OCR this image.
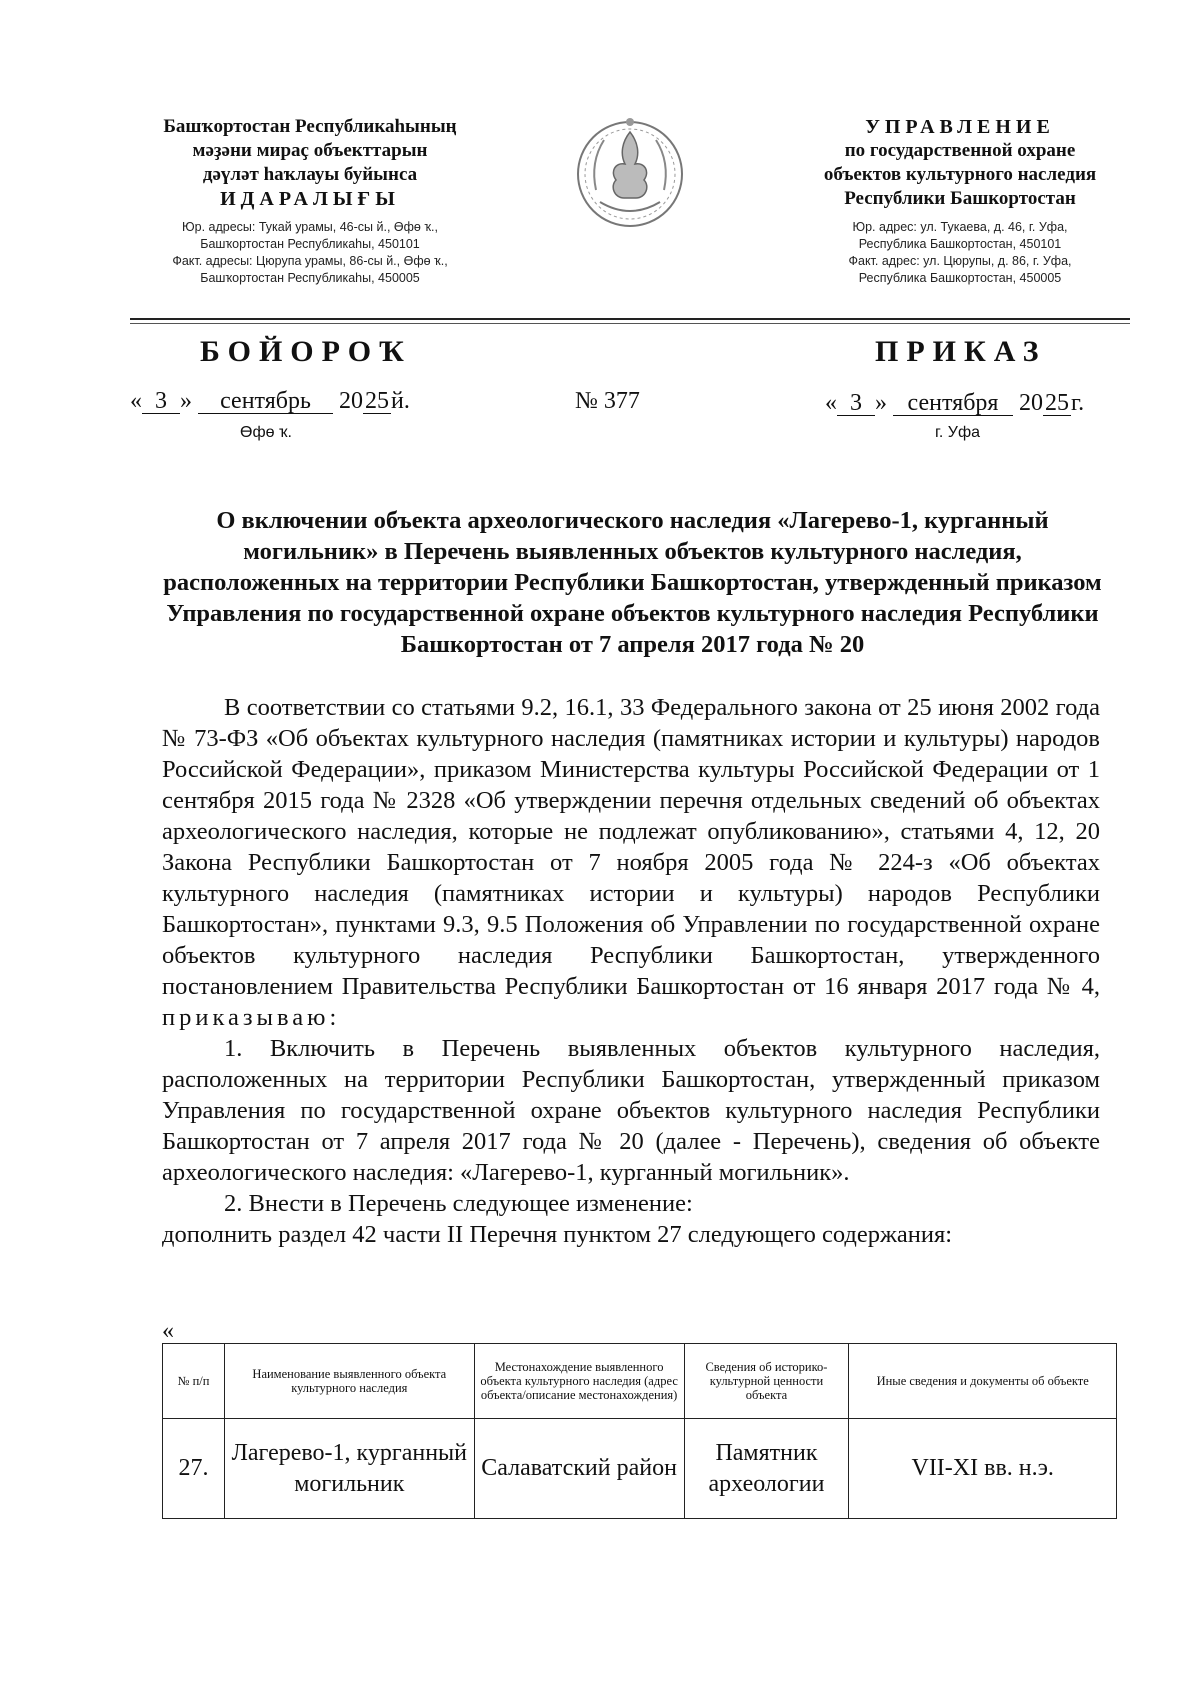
Башҡортостан Республикаһының
мәҙәни мираҫ объекттарын
дәүләт һаҡлауы буйынса
ИДАРАЛЫҒЫ
Юр. адресы: Тукай урамы, 46-сы й., Өфө ҡ.,
Башҡортостан Республикаһы, 450101
Факт. адресы: Цюрупа урамы, 86-сы й., Өфө ҡ.,
Башҡортостан Республикаһы, 450005
УПРАВЛЕНИЕ
по государственной охране
объектов культурного наследия
Республики Башкортостан
Юр. адрес: ул. Тукаева, д. 46, г. Уфа,
Республика Башкортостан, 450101
Факт. адрес: ул. Цюрупы, д. 86, г. Уфа,
Республика Башкортостан, 450005
БОЙОРОҠ	ПРИКАЗ
« 3 » сентябрь 2025й.	№ 377	« 3 » сентября 2025г.
Өфө ҡ.	г. Уфа
О включении объекта археологического наследия «Лагерево-1, курганный могильник» в Перечень выявленных объектов культурного наследия, расположенных на территории Республики Башкортостан, утвержденный приказом Управления по государственной охране объектов культурного наследия Республики Башкортостан от 7 апреля 2017 года № 20

В соответствии со статьями 9.2, 16.1, 33 Федерального закона от 25 июня 2002 года № 73-ФЗ «Об объектах культурного наследия (памятниках истории и культуры) народов Российской Федерации», приказом Министерства культуры Российской Федерации от 1 сентября 2015 года № 2328 «Об утверждении перечня отдельных сведений об объектах археологического наследия, которые не подлежат опубликованию», статьями 4, 12, 20 Закона Республики Башкортостан от 7 ноября 2005 года № 224-з «Об объектах культурного наследия (памятниках истории и культуры) народов Республики Башкортостан», пунктами 9.3, 9.5 Положения об Управлении по государственной охране объектов культурного наследия Республики Башкортостан, утвержденного постановлением Правительства Республики Башкортостан от 16 января 2017 года № 4, приказываю:

1. Включить в Перечень выявленных объектов культурного наследия, расположенных на территории Республики Башкортостан, утвержденный приказом Управления по государственной охране объектов культурного наследия Республики Башкортостан от 7 апреля 2017 года № 20 (далее - Перечень), сведения об объекте археологического наследия: «Лагерево-1, курганный могильник».

2. Внести в Перечень следующее изменение:

дополнить раздел 42 части II Перечня пунктом 27 следующего содержания:

«
№ п/п	Наименование выявленного объекта культурного наследия	Местонахождение выявленного объекта культурного наследия (адрес объекта/описание местонахождения)	Сведения об историко-культурной ценности объекта	Иные сведения и документы об объекте
27.	Лагерево-1, курганный могильник	Салаватский район	Памятник археологии	VII-XI вв. н.э.
